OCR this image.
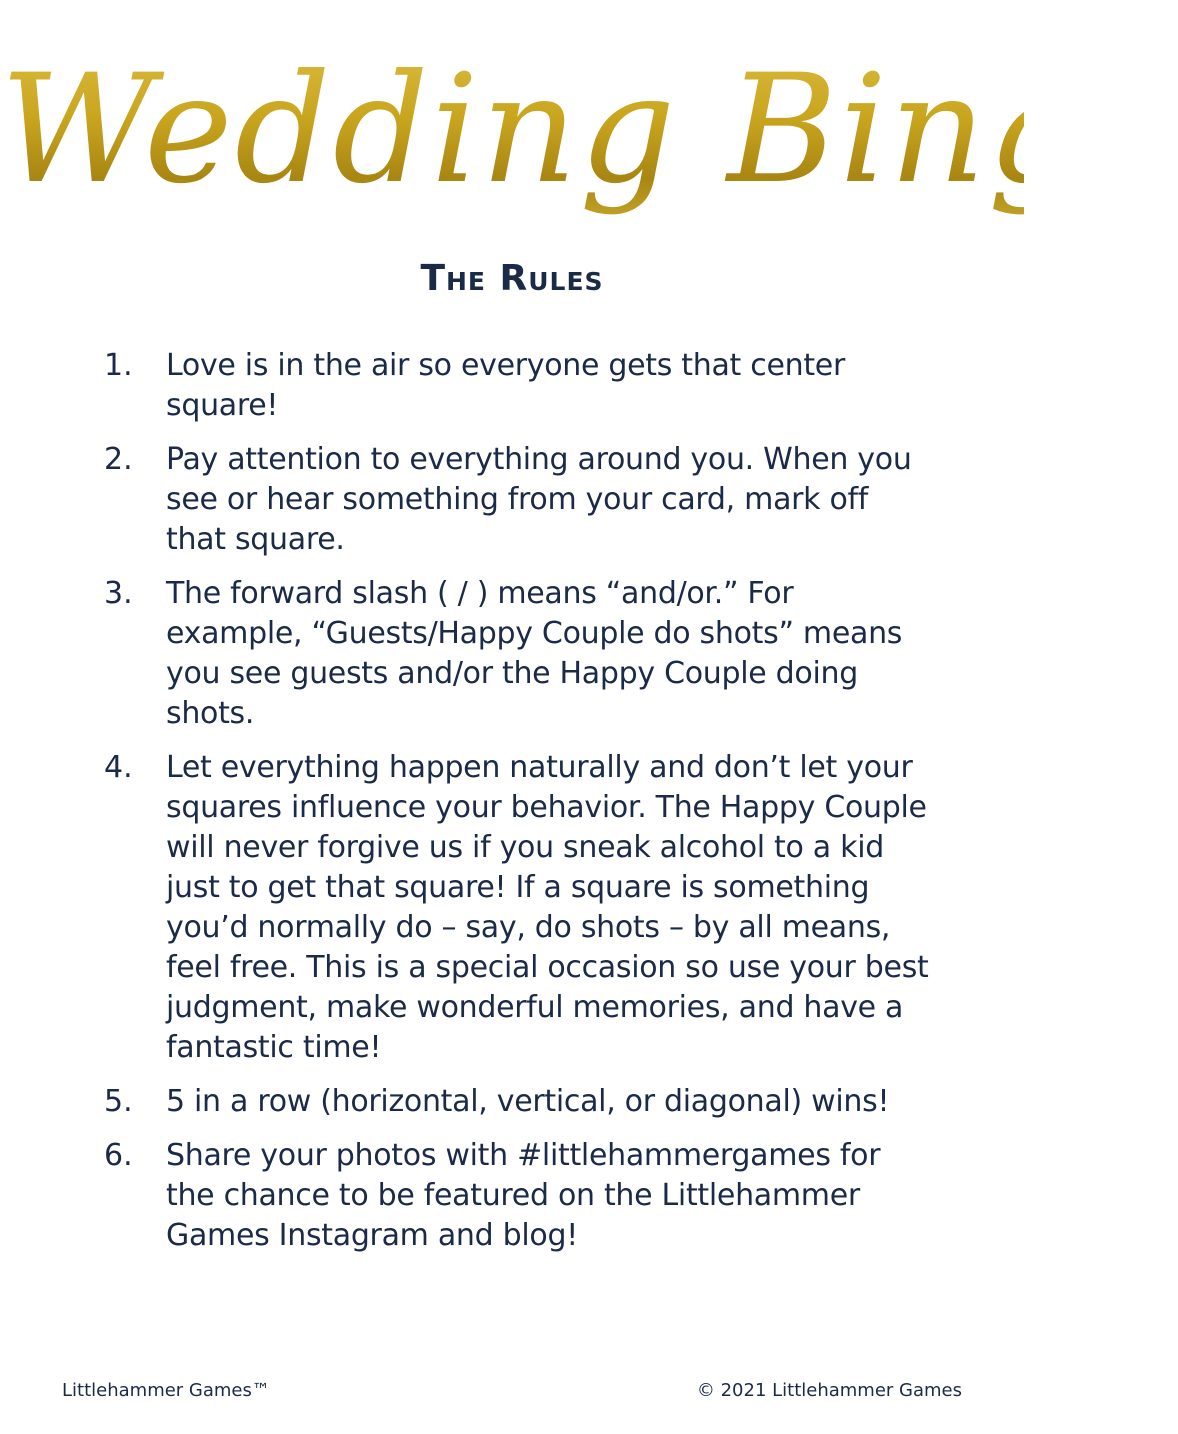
Wedding Bingo
The Rules
1.	Love is in the air so everyone gets that center square!
2.	Pay attention to everything around you. When you see or hear something from your card, mark off that square.
3.	The forward slash ( / ) means “and/or.” For example, “Guests/Happy Couple do shots” means you see guests and/or the Happy Couple doing shots.
4.	Let everything happen naturally and don’t let your squares influence your behavior. The Happy Couple will never forgive us if you sneak alcohol to a kid just to get that square! If a square is something you’d normally do – say, do shots – by all means, feel free. This is a special occasion so use your best judgment, make wonderful memories, and have a fantastic time!
5.	5 in a row (horizontal, vertical, or diagonal) wins!
6.	Share your photos with #littlehammergames for the chance to be featured on the Littlehammer Games Instagram and blog!
Littlehammer Games™	© 2021 Littlehammer Games
